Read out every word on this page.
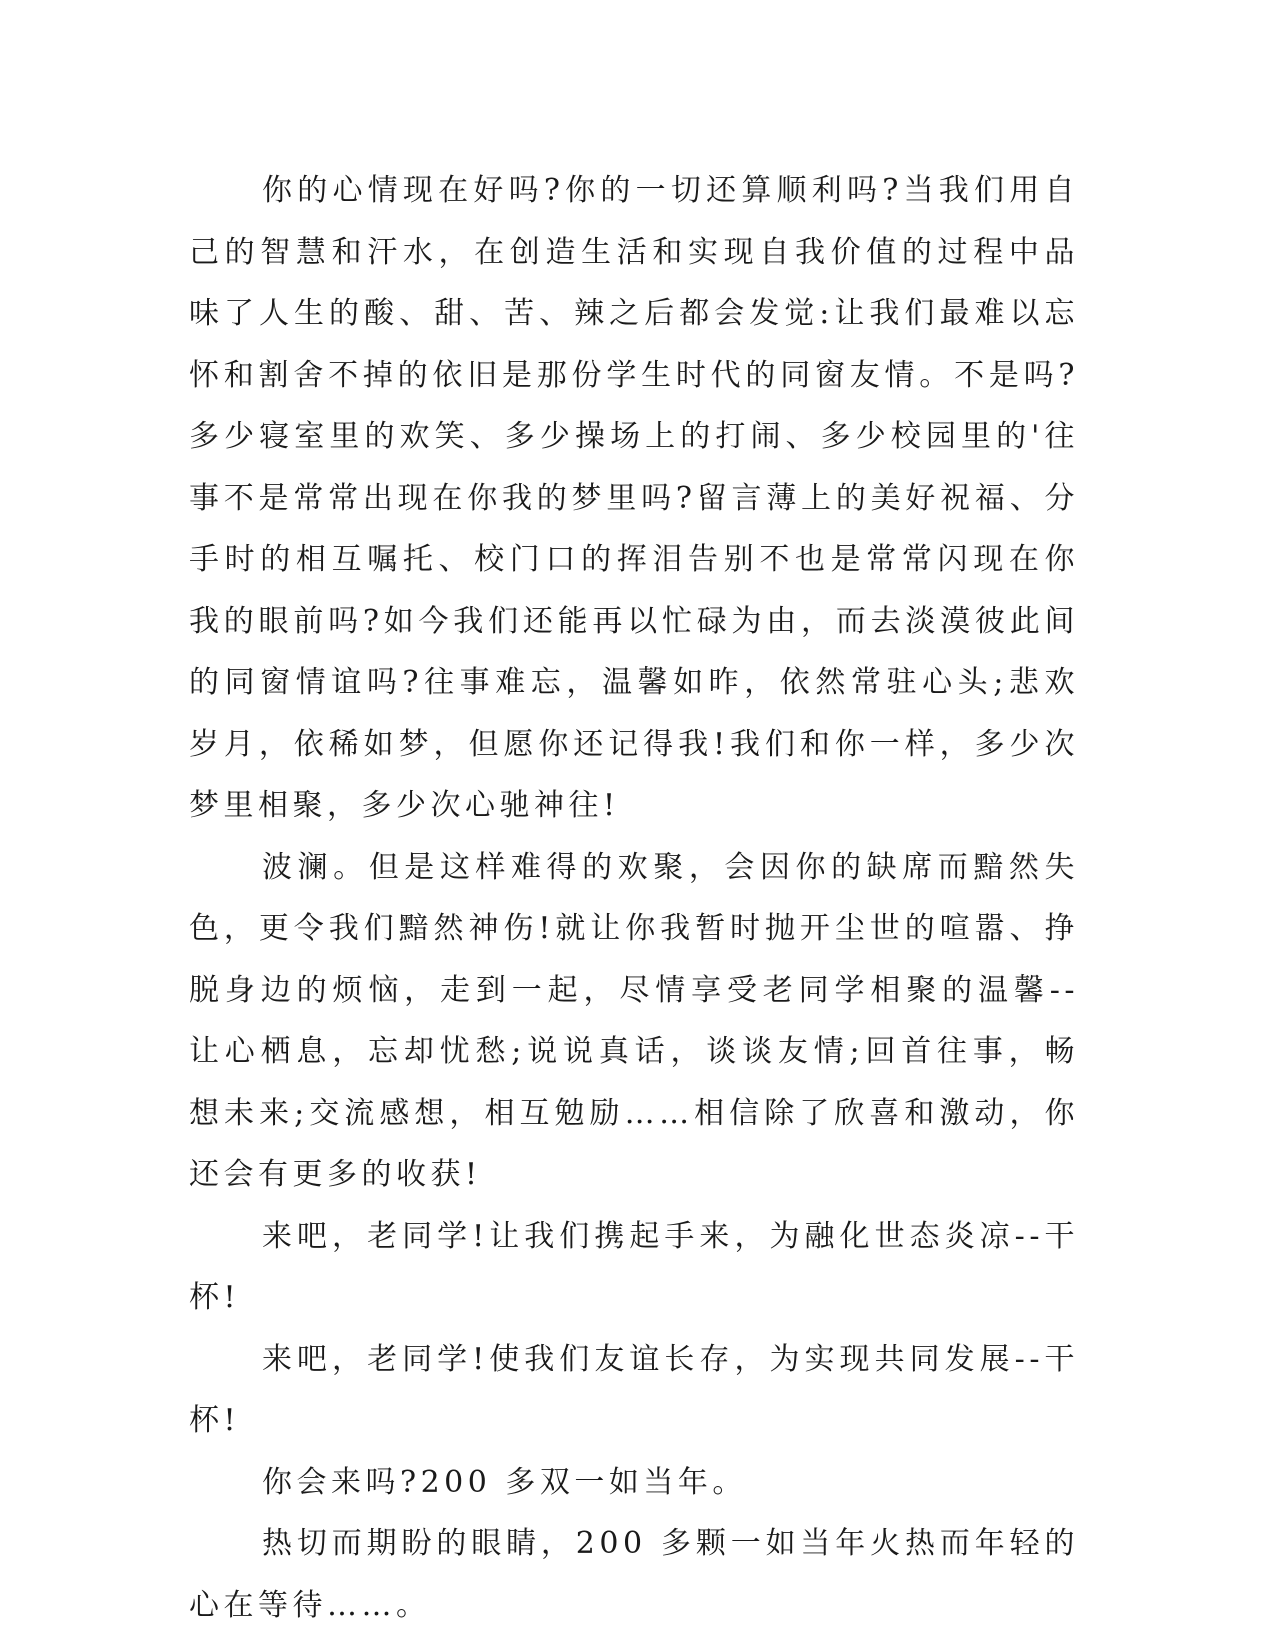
你的心情现在好吗?你的一切还算顺利吗?当我们用自己的智慧和汗水，在创造生活和实现自我价值的过程中品味了人生的酸、甜、苦、辣之后都会发觉:让我们最难以忘怀和割舍不掉的依旧是那份学生时代的同窗友情。不是吗?多少寝室里的欢笑、多少操场上的打闹、多少校园里的'往事不是常常出现在你我的梦里吗?留言薄上的美好祝福、分手时的相互嘱托、校门口的挥泪告别不也是常常闪现在你我的眼前吗?如今我们还能再以忙碌为由，而去淡漠彼此间的同窗情谊吗?往事难忘，温馨如昨，依然常驻心头;悲欢岁月，依稀如梦，但愿你还记得我!我们和你一样，多少次梦里相聚，多少次心驰神往!

波澜。但是这样难得的欢聚，会因你的缺席而黯然失色，更令我们黯然神伤!就让你我暂时抛开尘世的喧嚣、挣脱身边的烦恼，走到一起，尽情享受老同学相聚的温馨--让心栖息，忘却忧愁;说说真话，谈谈友情;回首往事，畅想未来;交流感想，相互勉励……相信除了欣喜和激动，你还会有更多的收获!

来吧，老同学!让我们携起手来，为融化世态炎凉--干杯!

来吧，老同学!使我们友谊长存，为实现共同发展--干杯!

你会来吗?200 多双一如当年。

热切而期盼的眼睛，200 多颗一如当年火热而年轻的心在等待……。
